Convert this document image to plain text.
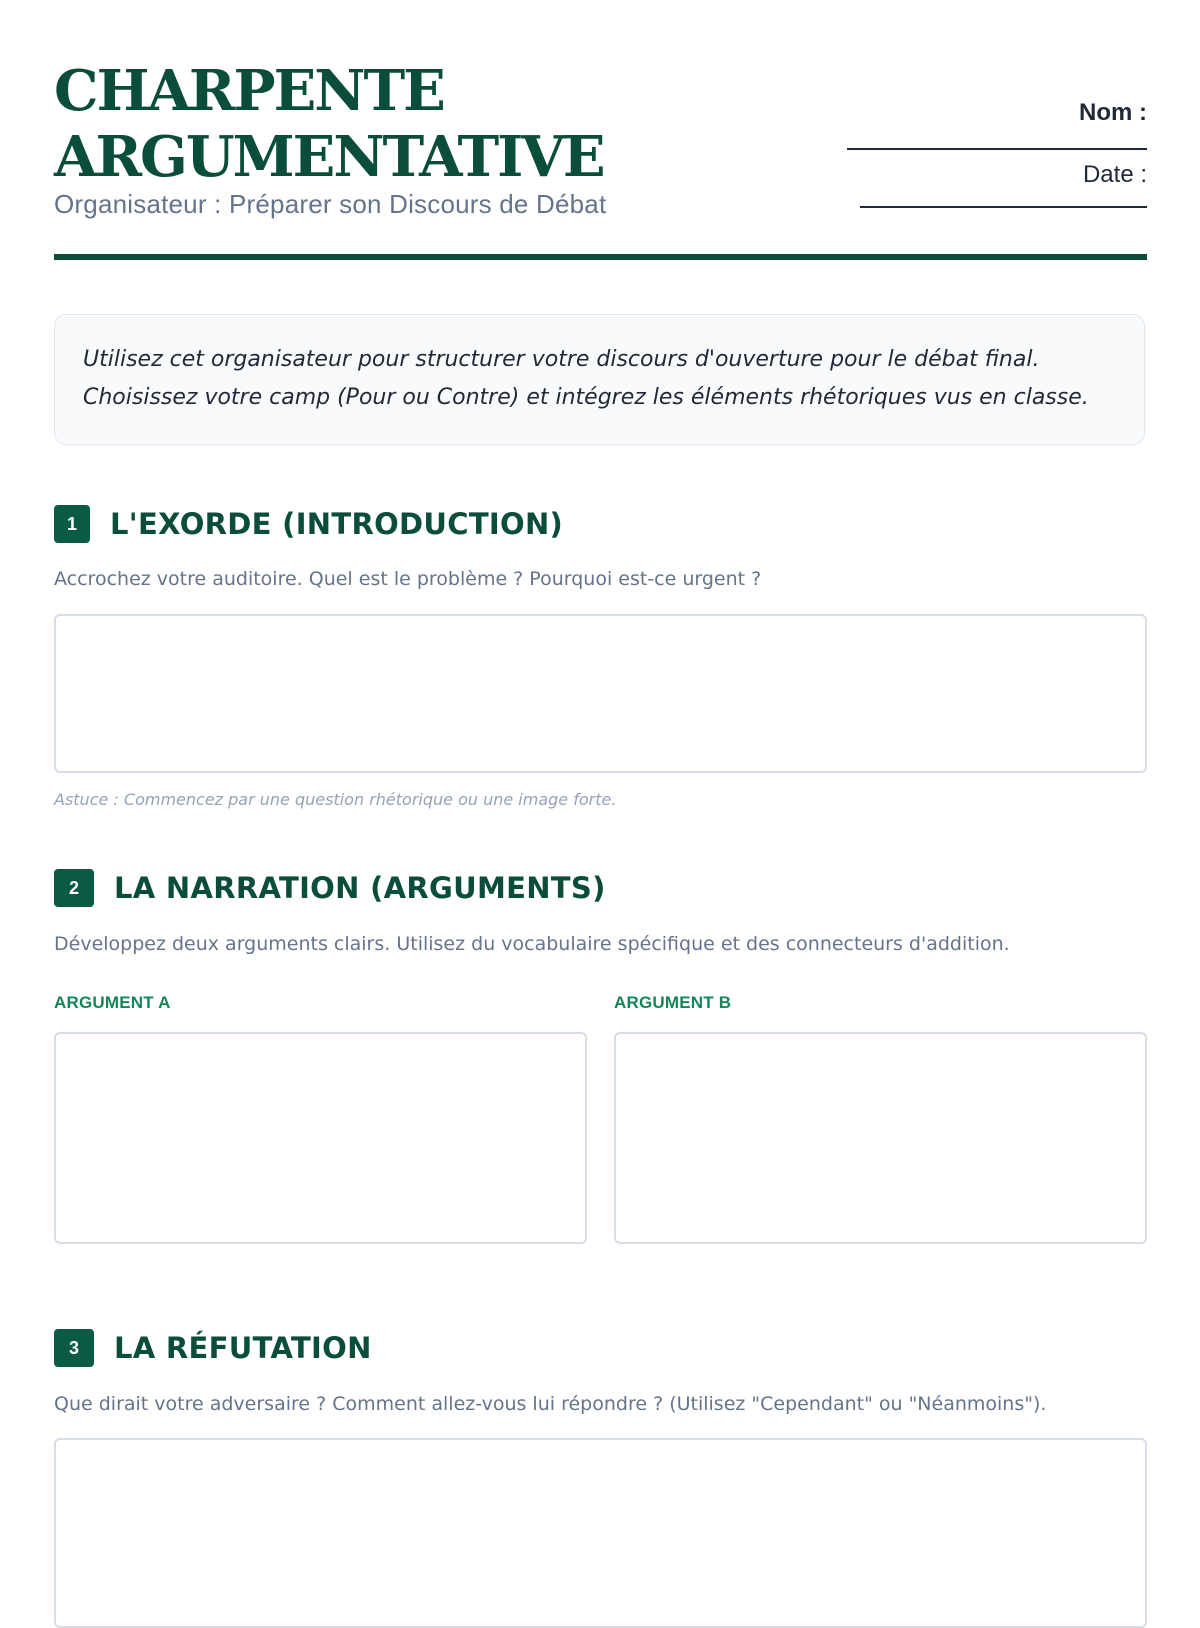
CHARPENTE
ARGUMENTATIVE
Organisateur : Préparer son Discours de Débat
Nom :
Date :

Utilisez cet organisateur pour structurer votre discours d'ouverture pour le débat final.

Choisissez votre camp (Pour ou Contre) et intégrez les éléments rhétoriques vus en classe.

1	L'EXORDE (INTRODUCTION)
Accrochez votre auditoire. Quel est le problème ? Pourquoi est-ce urgent ?
Astuce : Commencez par une question rhétorique ou une image forte.
2	LA NARRATION (ARGUMENTS)
Développez deux arguments clairs. Utilisez du vocabulaire spécifique et des connecteurs d'addition.
ARGUMENT A	ARGUMENT B
3	LA RÉFUTATION
Que dirait votre adversaire ? Comment allez-vous lui répondre ? (Utilisez "Cependant" ou "Néanmoins").
